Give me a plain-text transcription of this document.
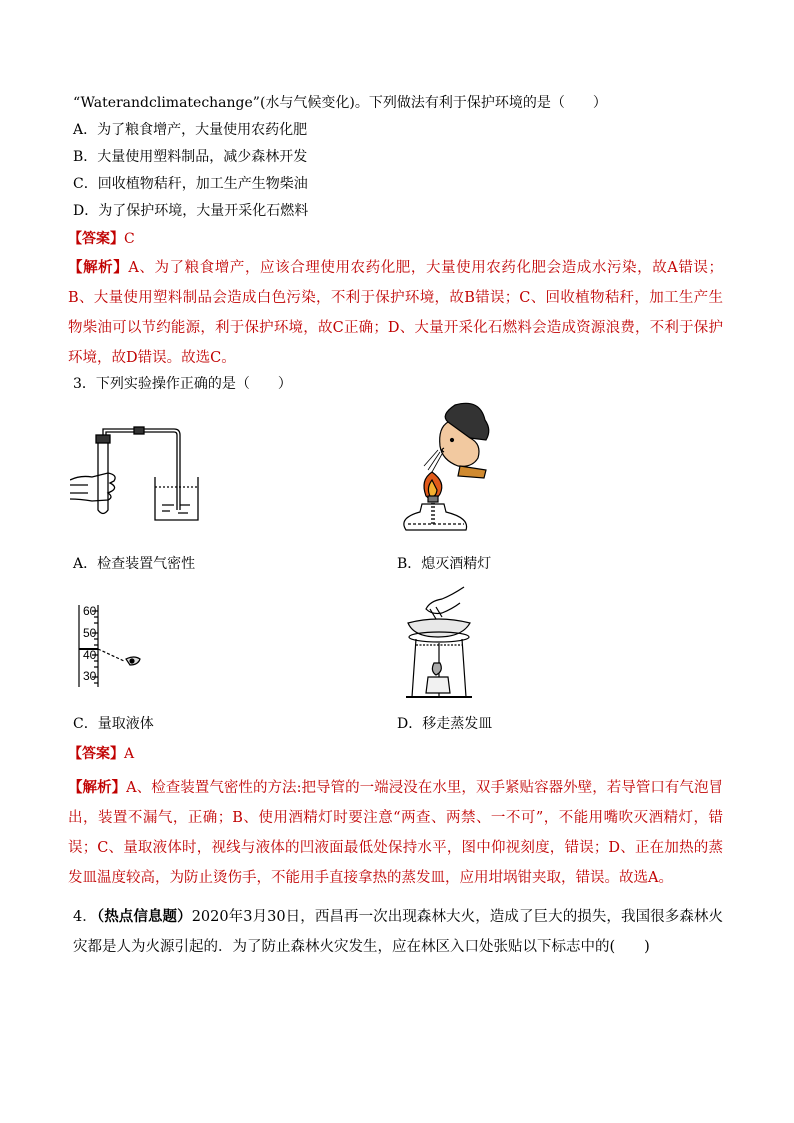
“Waterandclimatechange”(水与气候变化)。下列做法有利于保护环境的是（　　）
A．为了粮食增产，大量使用农药化肥
B．大量使用塑料制品，减少森林开发
C．回收植物秸秆，加工生产生物柴油
D．为了保护环境，大量开采化石燃料
【答案】C
【解析】A、为了粮食增产，应该合理使用农药化肥，大量使用农药化肥会造成水污染，故A错误；B、大量使用塑料制品会造成白色污染，不利于保护环境，故B错误；C、回收植物秸秆，加工生产生物柴油可以节约能源，利于保护环境，故C正确；D、大量开采化石燃料会造成资源浪费，不利于保护环境，故D错误。故选C。
3．下列实验操作正确的是（　　）
A．检查装置气密性	B．熄灭酒精灯
60
50
40
30
C．量取液体	D．移走蒸发皿
【答案】A
【解析】A、检查装置气密性的方法:把导管的一端浸没在水里，双手紧贴容器外壁，若导管口有气泡冒出，装置不漏气，正确；B、使用酒精灯时要注意“两查、两禁、一不可”，不能用嘴吹灭酒精灯，错误；C、量取液体时，视线与液体的凹液面最低处保持水平，图中仰视刻度，错误；D、正在加热的蒸发皿温度较高，为防止烫伤手，不能用手直接拿热的蒸发皿，应用坩埚钳夹取，错误。故选A。
4．（热点信息题）2020年3月30日，西昌再一次出现森林大火，造成了巨大的损失，我国很多森林火灾都是人为火源引起的．为了防止森林火灾发生，应在林区入口处张贴以下标志中的(　　)
